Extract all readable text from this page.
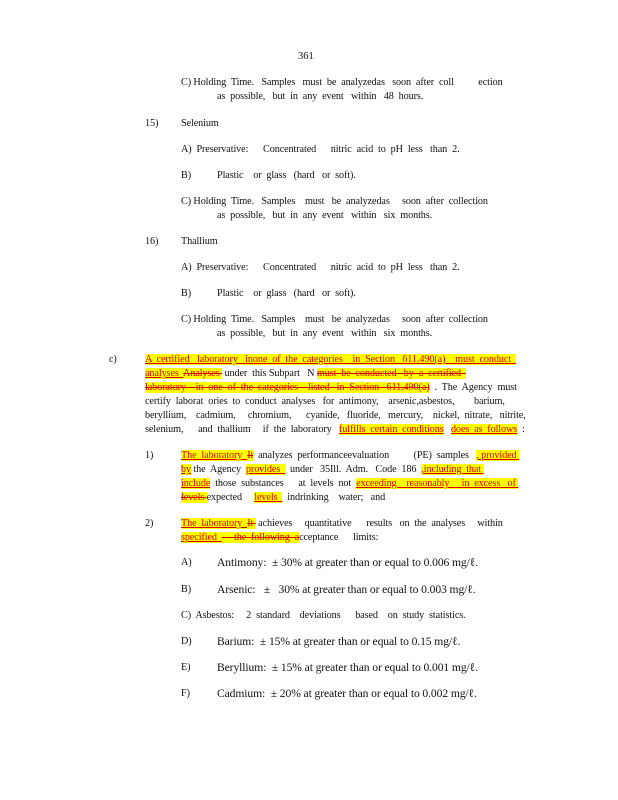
361
C) Holding  Time.   Samples   must  be  analyzedas   soon  after  coll          ection
as  possible,   but  in  any  event   within   48  hours.
15) Selenium
A)  Preservative:      Concentrated      nitric  acid  to  pH  less   than  2.
B)	Plastic    or  glass   (hard   or  soft).
C) Holding  Time.   Samples    must   be  analyzedas     soon  after  collection
as  possible,   but  in  any  event   within   six  months.
16) Thallium
A)  Preservative:      Concentrated      nitric  acid  to  pH  less   than  2.
B)	Plastic    or  glass   (hard   or  soft).
C) Holding  Time.   Samples    must   be  analyzedas     soon  after  collection
as  possible,   but  in  any  event   within   six  months.
c)	A  certified   laboratory   inone  of  the  categories    in  Section   611.490(a)    must  conduct
analyses  Analyses  under  this Subpart   N must  be  conducted   by  a  certified
laboratory    in  one  of  the  categories    listed   in  Section   611.490(a)  .  The  Agency  must
certify  laborat  ories  to  conduct  analyses   for  antimony,    arsenic,asbestos,        barium,
beryllium,    cadmium,     chromium,      cyanide,   fluoride,   mercury,    nickel,  nitrate,   nitrite,
selenium,      and  thallium     if  the  laboratory   fulfills  certain  conditions does  as  follows  :
1)	The  laboratory  It  analyzes  performanceevaluation          (PE)  samples   , provided
by the  Agency  provides    under   35Ill.  Adm.   Code  186  ,including  that
include  those  substances      at  levels  not  exceeding    reasonably     in  excess   of
levels expected     levels    indrinking    water;   and
2)	The  laboratory  It  achieves     quantitative      results   on  the  analyses     within
specified       the  following  acceptance      limits:
A) Antimony:  ± 30% at greater than or equal to 0.006 mg/ℓ.
B) Arsenic:   ±   30% at greater than or equal to 0.003 mg/ℓ.
C)  Asbestos:     2  standard    deviations      based    on  study  statistics.
D) Barium:  ± 15% at greater than or equal to 0.15 mg/ℓ.
E) Beryllium:  ± 15% at greater than or equal to 0.001 mg/ℓ.
F) Cadmium:  ± 20% at greater than or equal to 0.002 mg/ℓ.
